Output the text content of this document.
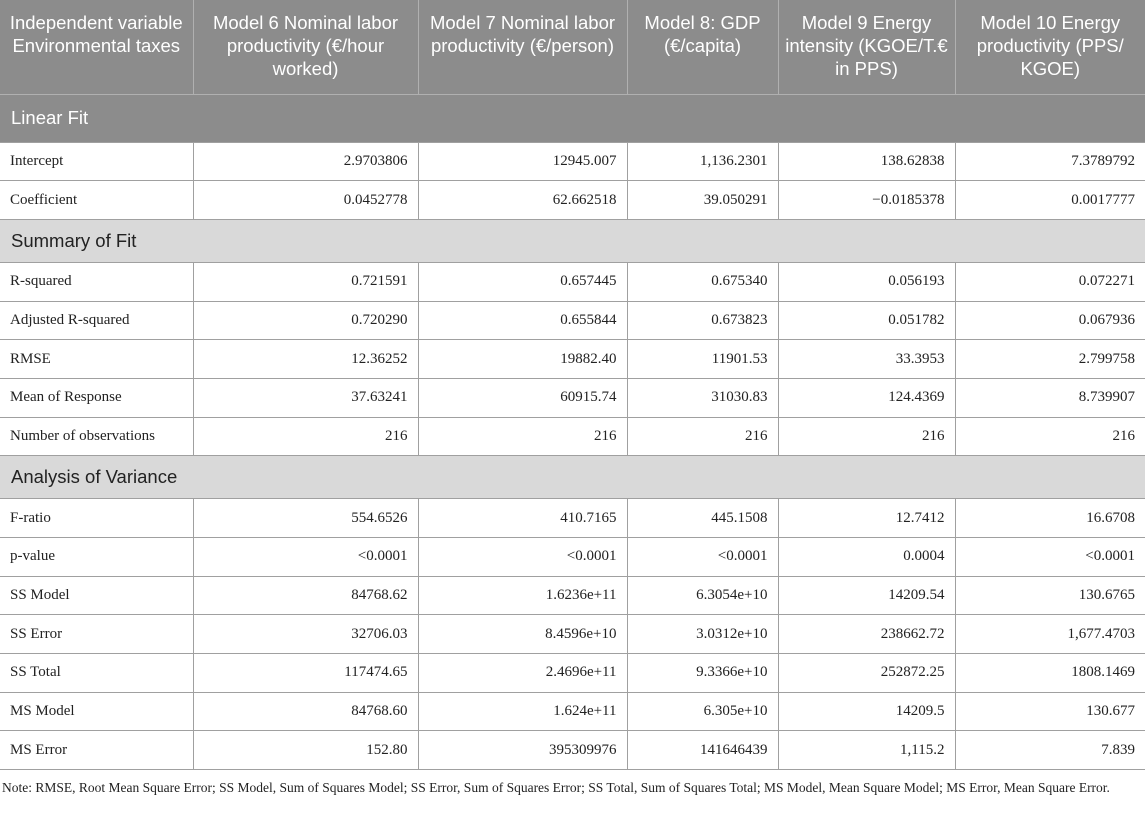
Independent variable Environmental taxes	Model 6 Nominal labor productivity (€/hour worked)	Model 7 Nominal labor productivity (€/person)	Model 8: GDP (€/capita)	Model 9 Energy intensity (KGOE/T.€ in PPS)	Model 10 Energy productivity (PPS/ KGOE)
Linear Fit					
Intercept	2.9703806	12945.007	1,136.2301	138.62838	7.3789792
Coefficient	0.0452778	62.662518	39.050291	−0.0185378	0.0017777
Summary of Fit					
R-squared	0.721591	0.657445	0.675340	0.056193	0.072271
Adjusted R-squared	0.720290	0.655844	0.673823	0.051782	0.067936
RMSE	12.36252	19882.40	11901.53	33.3953	2.799758
Mean of Response	37.63241	60915.74	31030.83	124.4369	8.739907
Number of observations	216	216	216	216	216
Analysis of Variance					
F-ratio	554.6526	410.7165	445.1508	12.7412	16.6708
p-value	<0.0001	<0.0001	<0.0001	0.0004	<0.0001
SS Model	84768.62	1.6236e+11	6.3054e+10	14209.54	130.6765
SS Error	32706.03	8.4596e+10	3.0312e+10	238662.72	1,677.4703
SS Total	117474.65	2.4696e+11	9.3366e+10	252872.25	1808.1469
MS Model	84768.60	1.624e+11	6.305e+10	14209.5	130.677
MS Error	152.80	395309976	141646439	1,115.2	7.839
Note: RMSE, Root Mean Square Error; SS Model, Sum of Squares Model; SS Error, Sum of Squares Error; SS Total, Sum of Squares Total; MS Model, Mean Square Model; MS Error, Mean Square Error.
